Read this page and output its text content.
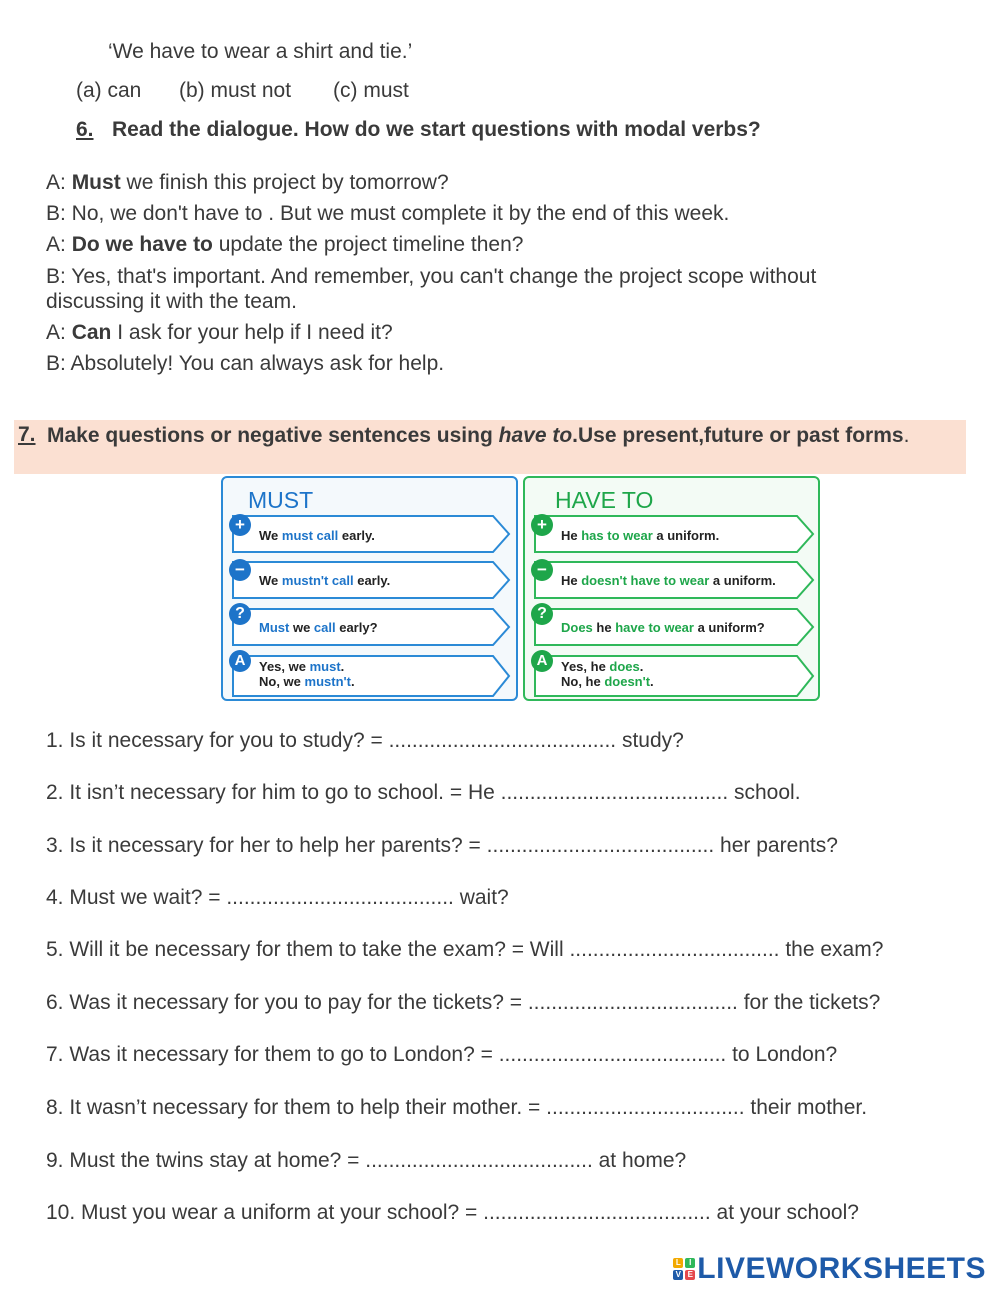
‘We have to wear a shirt and tie.’
(a) can (b) must not (c) must
6. Read the dialogue. How do we start questions with modal verbs?
A: Must we finish this project by tomorrow?
B: No, we don't have to . But we must complete it by the end of this week.
A: Do we have to update the project timeline then?
B: Yes, that's important. And remember, you can't change the project scope without
discussing it with the team.
A: Can I ask for your help if I need it?
B: Absolutely! You can always ask for help.
7. Make questions or negative sentences using have to.Use present,future or past forms.
MUST
+
−
?
A
We must call early.
We mustn't call early.
Must we call early?
Yes, we must.
No, we mustn't.
HAVE TO
+
−
?
A
He has to wear a uniform.
He doesn't have to wear a uniform.
Does he have to wear a uniform?
Yes, he does.
No, he doesn't.
1. Is it necessary for you to study? = ....................................... study?
2. It isn’t necessary for him to go to school. = He ....................................... school.
3. Is it necessary for her to help her parents? = ....................................... her parents?
4. Must we wait? = ....................................... wait?
5. Will it be necessary for them to take the exam? = Will .................................... the exam?
6. Was it necessary for you to pay for the tickets? = .................................... for the tickets?
7. Was it necessary for them to go to London? = ....................................... to London?
8. It wasn’t necessary for them to help their mother. = .................................. their mother.
9. Must the twins stay at home? = ....................................... at home?
10. Must you wear a uniform at your school? = ....................................... at your school?
L	I
V E LIVEWORKSHEETS
